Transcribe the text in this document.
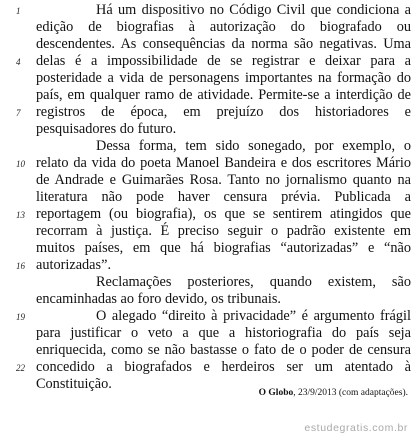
1
4
7
10
13
16
19
22
Há um dispositivo no Código Civil que condiciona a
edição de biografias à autorização do biografado ou
descendentes. As consequências da norma são negativas. Uma
delas é a impossibilidade de se registrar e deixar para a
posteridade a vida de personagens importantes na formação do
país, em qualquer ramo de atividade. Permite-se a interdição de
registros de época, em prejuízo dos historiadores e
pesquisadores do futuro.
Dessa forma, tem sido sonegado, por exemplo, o
relato da vida do poeta Manoel Bandeira e dos escritores Mário
de Andrade e Guimarães Rosa. Tanto no jornalismo quanto na
literatura não pode haver censura prévia. Publicada a
reportagem (ou biografia), os que se sentirem atingidos que
recorram à justiça. É preciso seguir o padrão existente em
muitos países, em que há biografias “autorizadas” e “não
autorizadas”.
Reclamações posteriores, quando existem, são
encaminhadas ao foro devido, os tribunais.
O alegado “direito à privacidade” é argumento frágil
para justificar o veto a que a historiografia do país seja
enriquecida, como se não bastasse o fato de o poder de censura
concedido a biografados e herdeiros ser um atentado à
Constituição.
O Globo, 23/9/2013 (com adaptações).
estudegratis.com.br
